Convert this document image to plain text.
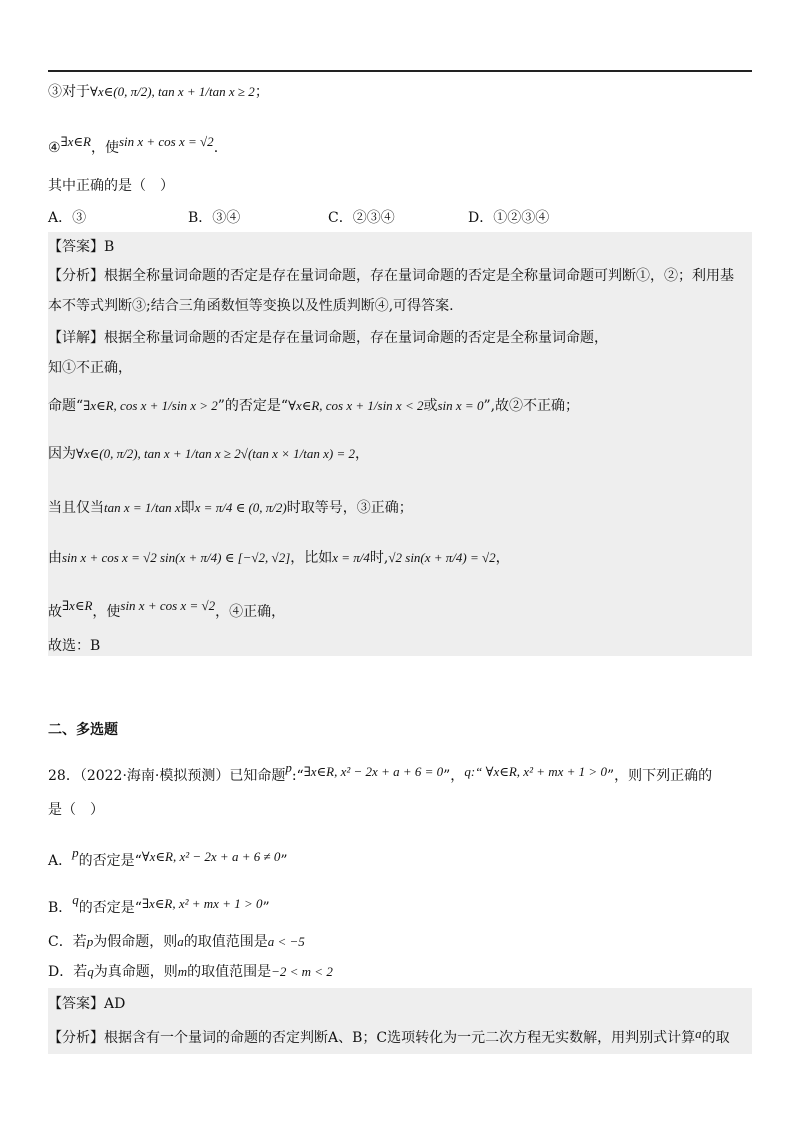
③对于∀x∈(0, π/2), tan x + 1/tan x ≥ 2；
④∃x∈R，使sin x + cos x = √2.
其中正确的是（　）
A．③	B．③④	C．②③④	D．①②③④
【答案】B
【分析】根据全称量词命题的否定是存在量词命题，存在量词命题的否定是全称量词命题可判断①，②；利用基
本不等式判断③;结合三角函数恒等变换以及性质判断④,可得答案.
【详解】根据全称量词命题的否定是存在量词命题，存在量词命题的否定是全称量词命题，
知①不正确，
命题“∃x∈R, cos x + 1/sin x > 2”的否定是“∀x∈R, cos x + 1/sin x < 2或sin x = 0”,故②不正确；
因为∀x∈(0, π/2), tan x + 1/tan x ≥ 2√(tan x × 1/tan x) = 2，
当且仅当tan x = 1/tan x即x = π/4 ∈ (0, π/2)时取等号，③正确；
由sin x + cos x = √2 sin(x + π/4) ∈ [−√2, √2]，比如x = π/4时,√2 sin(x + π/4) = √2，
故∃x∈R，使sin x + cos x = √2，④正确，
故选：B
二、多选题
28．（2022·海南·模拟预测）已知命题p:“∃x∈R, x² − 2x + a + 6 = 0”，q:“ ∀x∈R, x² + mx + 1 > 0”，则下列正确的
是（　）
A．p的否定是“∀x∈R, x² − 2x + a + 6 ≠ 0”
B．q的否定是“∃x∈R, x² + mx + 1 > 0”
C．若p为假命题，则a的取值范围是a < −5
D．若q为真命题，则m的取值范围是−2 < m < 2
【答案】AD
【分析】根据含有一个量词的命题的否定判断A、B；C选项转化为一元二次方程无实数解，用判别式计算a的取
